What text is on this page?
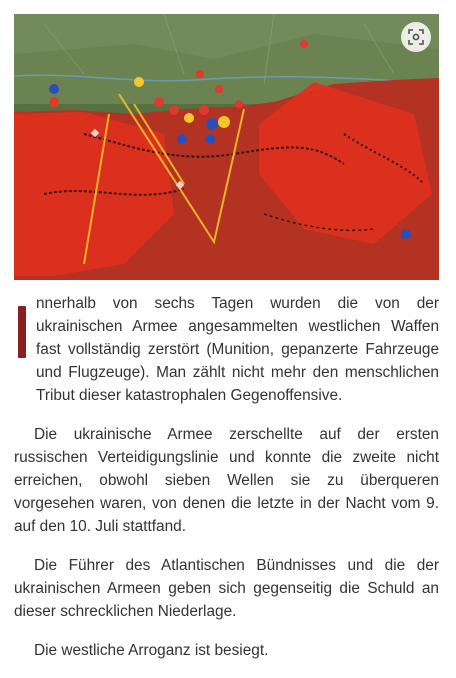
nnerhalb von sechs Tagen wurden die von der ukrainischen Armee angesammelten westlichen Waffen fast vollständig zerstört (Munition, gepanzerte Fahrzeuge und Flugzeuge). Man zählt nicht mehr den menschlichen Tribut dieser katastrophalen Gegenoffensive.

Die ukrainische Armee zerschellte auf der ersten russischen Verteidigungslinie und konnte die zweite nicht erreichen, obwohl sieben Wellen sie zu überqueren vorgesehen waren, von denen die letzte in der Nacht vom 9. auf den 10. Juli stattfand.

Die Führer des Atlantischen Bündnisses und die der ukrainischen Armeen geben sich gegenseitig die Schuld an dieser schrecklichen Niederlage.

Die westliche Arroganz ist besiegt.
